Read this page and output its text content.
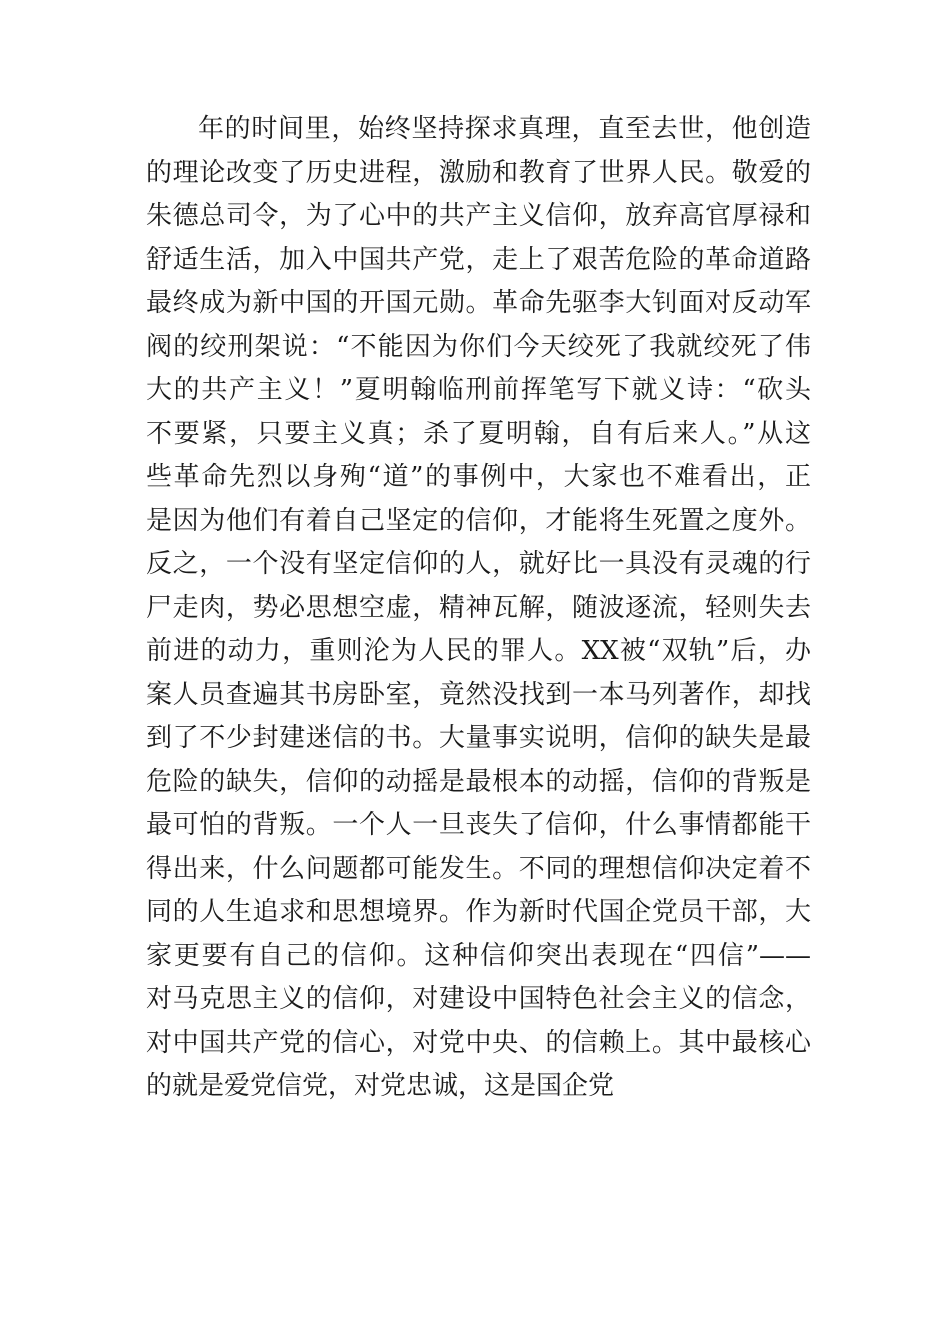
年的时间里，始终坚持探求真理，直至去世，他创造
的理论改变了历史进程，激励和教育了世界人民。敬爱的
朱德总司令，为了心中的共产主义信仰，放弃高官厚禄和
舒适生活，加入中国共产党，走上了艰苦危险的革命道路
最终成为新中国的开国元勋。革命先驱李大钊面对反动军
阀的绞刑架说：“不能因为你们今天绞死了我就绞死了伟
大的共产主义！”夏明翰临刑前挥笔写下就义诗：“砍头
不要紧，只要主义真；杀了夏明翰，自有后来人。”从这
些革命先烈以身殉“道”的事例中，大家也不难看出，正
是因为他们有着自己坚定的信仰，才能将生死置之度外。
反之，一个没有坚定信仰的人，就好比一具没有灵魂的行
尸走肉，势必思想空虚，精神瓦解，随波逐流，轻则失去
前进的动力，重则沦为人民的罪人。XX被“双轨”后，办
案人员查遍其书房卧室，竟然没找到一本马列著作，却找
到了不少封建迷信的书。大量事实说明，信仰的缺失是最
危险的缺失，信仰的动摇是最根本的动摇，信仰的背叛是
最可怕的背叛。一个人一旦丧失了信仰，什么事情都能干
得出来，什么问题都可能发生。不同的理想信仰决定着不
同的人生追求和思想境界。作为新时代国企党员干部，大
家更要有自己的信仰。这种信仰突出表现在“四信”——
对马克思主义的信仰，对建设中国特色社会主义的信念，
对中国共产党的信心，对党中央、的信赖上。其中最核心
的就是爱党信党，对党忠诚，这是国企党
